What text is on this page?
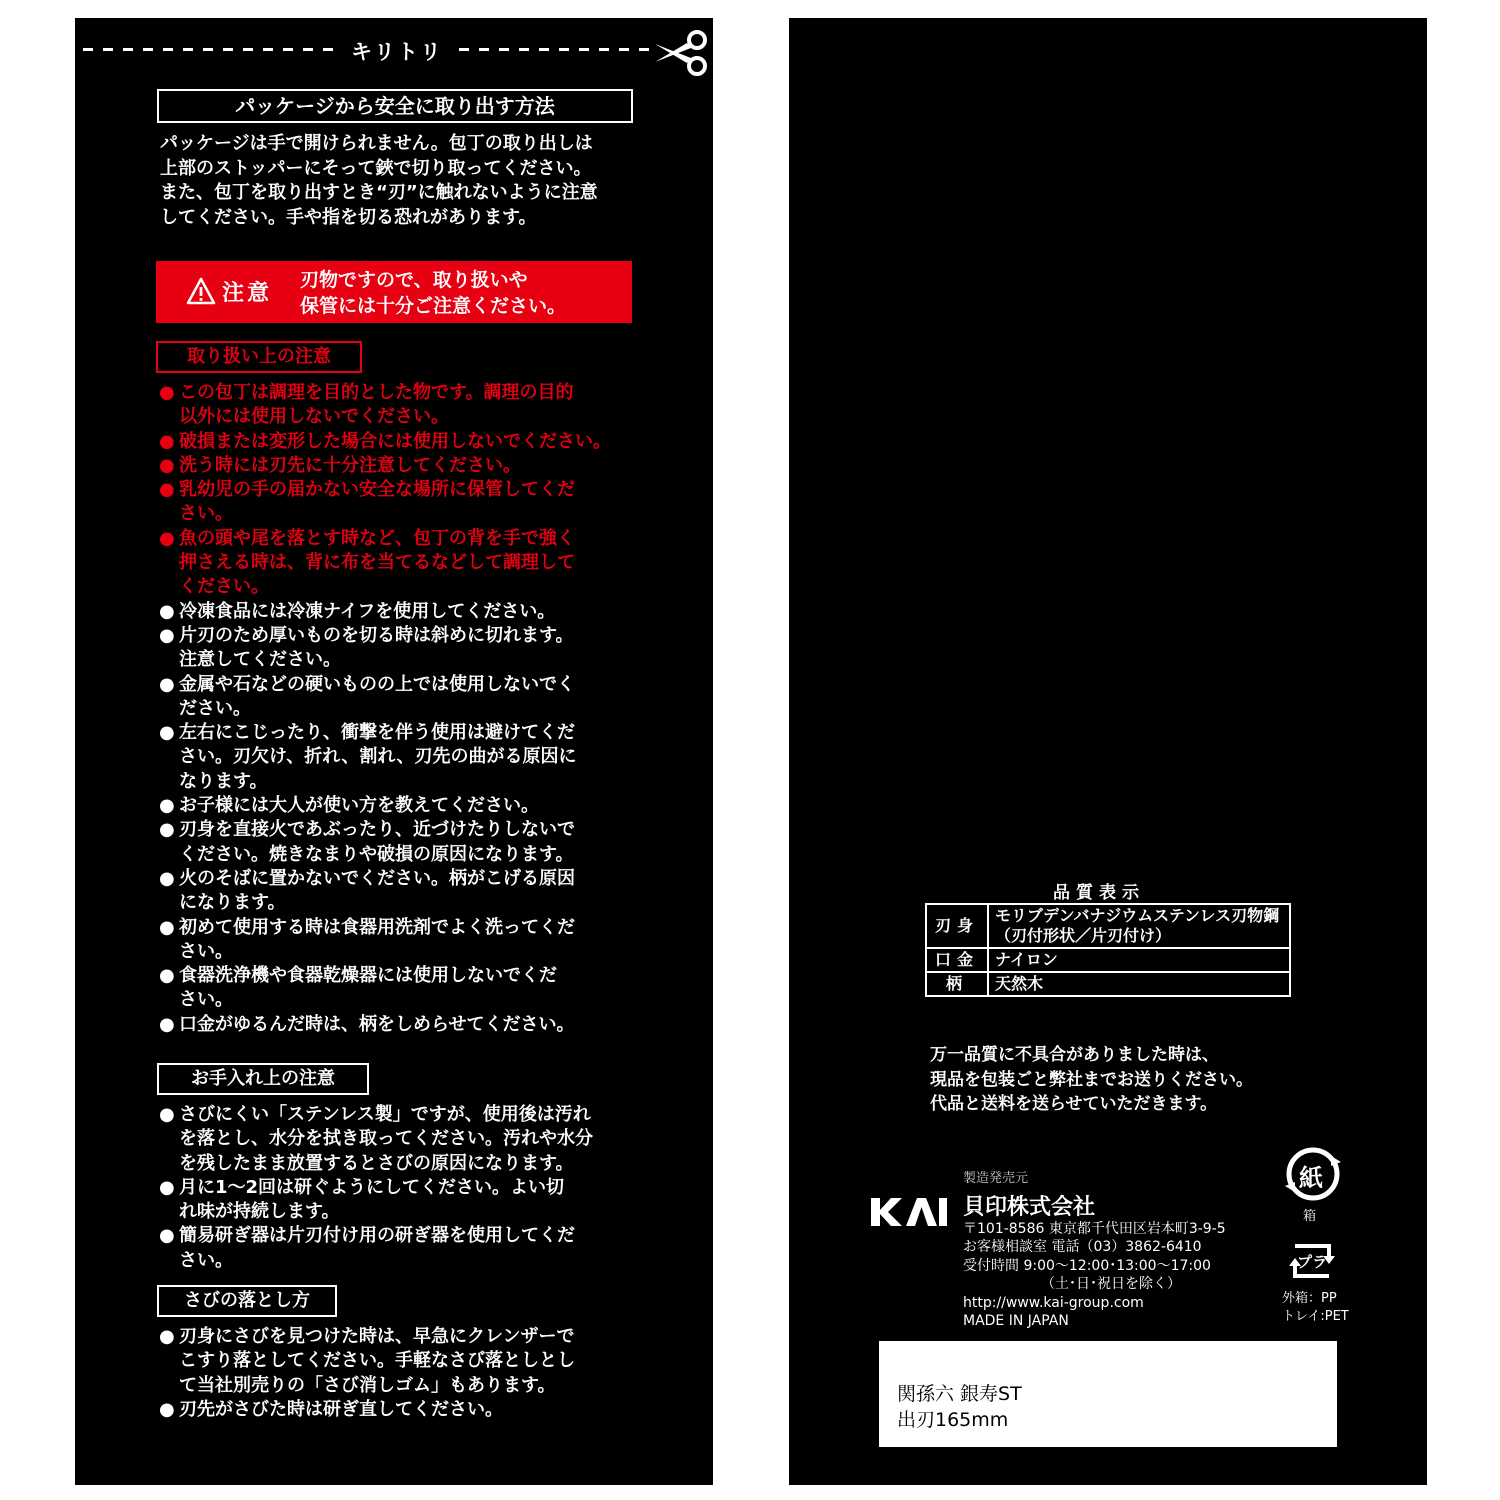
キリトリ
パッケージから安全に取り出す方法
パッケージは手で開けられません。包丁の取り出しは
上部のストッパーにそって鋏で切り取ってください。
また、包丁を取り出すとき“刃”に触れないように注意
してください。手や指を切る恐れがあります。
注意
刃物ですので、取り扱いや
保管には十分ご注意ください。
取り扱い上の注意
● この包丁は調理を目的とした物です。調理の目的
以外には使用しないでください。
● 破損または変形した場合には使用しないでください。
● 洗う時には刃先に十分注意してください。
● 乳幼児の手の届かない安全な場所に保管してくだ
さい。
● 魚の頭や尾を落とす時など、包丁の背を手で強く
押さえる時は、背に布を当てるなどして調理して
ください。
● 冷凍食品には冷凍ナイフを使用してください。
● 片刃のため厚いものを切る時は斜めに切れます。
注意してください。
● 金属や石などの硬いものの上では使用しないでく
ださい。
● 左右にこじったり、衝撃を伴う使用は避けてくだ
さい。刃欠け、折れ、割れ、刃先の曲がる原因に
なります。
● お子様には大人が使い方を教えてください。
● 刃身を直接火であぶったり、近づけたりしないで
ください。焼きなまりや破損の原因になります。
● 火のそばに置かないでください。柄がこげる原因
になります。
● 初めて使用する時は食器用洗剤でよく洗ってくだ
さい。
● 食器洗浄機や食器乾燥器には使用しないでくだ
さい。
● 口金がゆるんだ時は、柄をしめらせてください。
お手入れ上の注意
● さびにくい「ステンレス製」ですが、使用後は汚れ
を落とし、水分を拭き取ってください。汚れや水分
を残したまま放置するとさびの原因になります。
● 月に1〜2回は研ぐようにしてください。よい切
れ味が持続します。
● 簡易研ぎ器は片刃付け用の研ぎ器を使用してくだ
さい。
さびの落とし方
● 刃身にさびを見つけた時は、早急にクレンザーで
こすり落としてください。手軽なさび落としとし
て当社別売りの「さび消しゴム」もあります。
● 刃先がさびた時は研ぎ直してください。
品質表示
刃身	モリブデンバナジウムステンレス刃物鋼
（刃付形状／片刃付け）

口金	ナイロン

柄	天然木
万一品質に不具合がありました時は、
現品を包装ごと弊社までお送りください。
代品と送料を送らせていただきます。
製造発売元
貝印株式会社
〒101-8586 東京都千代田区岩本町3-9-5
お客様相談室 電話（03）3862-6410
受付時間 9:00〜12:00･13:00〜17:00
（土･日･祝日を除く）
http://www.kai-group.com
MADE IN JAPAN
紙
箱
プラ
外箱：PP
トレイ:PET
関孫六 銀寿ST
出刃165mm
